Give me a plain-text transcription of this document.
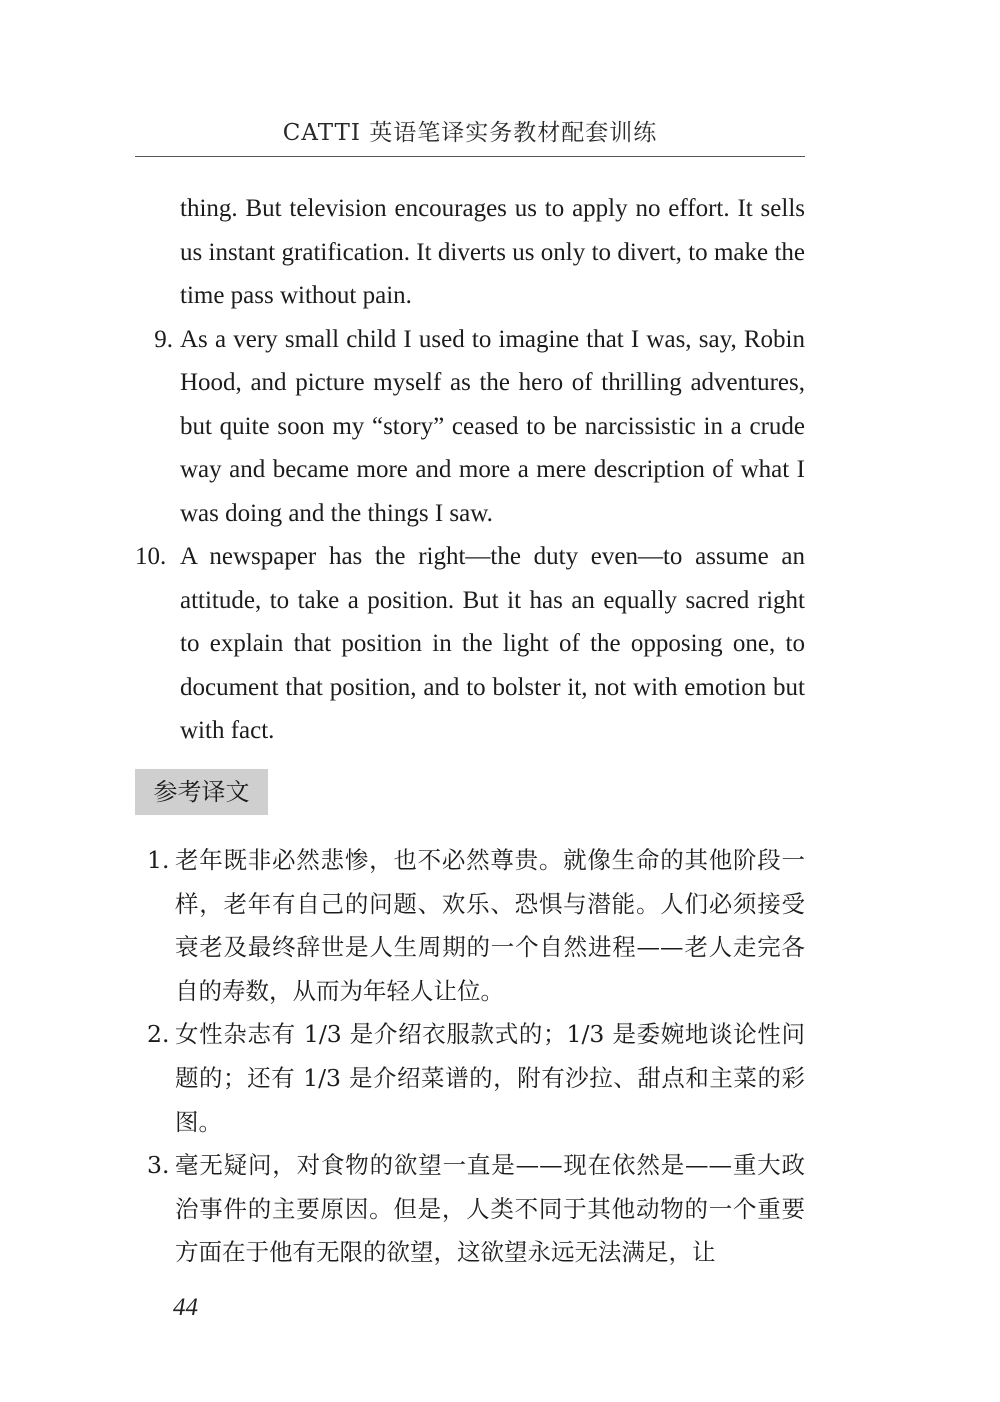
CATTI 英语笔译实务教材配套训练

thing. But television encourages us to apply no effort. It sells us instant gratification. It diverts us only to divert, to make the time pass without pain.

9. As a very small child I used to imagine that I was, say, Robin Hood, and picture myself as the hero of thrilling adventures, but quite soon my “story” ceased to be narcissistic in a crude way and became more and more a mere description of what I was doing and the things I saw.

10. A newspaper has the right—the duty even—to assume an attitude, to take a position. But it has an equally sacred right to explain that position in the light of the opposing one, to document that position, and to bolster it, not with emotion but with fact.

参考译文
1. 老年既非必然悲惨，也不必然尊贵。就像生命的其他阶段一样，老年有自己的问题、欢乐、恐惧与潜能。人们必须接受衰老及最终辞世是人生周期的一个自然进程——老人走完各自的寿数，从而为年轻人让位。
2. 女性杂志有 1/3 是介绍衣服款式的；1/3 是委婉地谈论性问题的；还有 1/3 是介绍菜谱的，附有沙拉、甜点和主菜的彩图。
3. 毫无疑问，对食物的欲望一直是——现在依然是——重大政治事件的主要原因。但是，人类不同于其他动物的一个重要方面在于他有无限的欲望，这欲望永远无法满足，让
44
